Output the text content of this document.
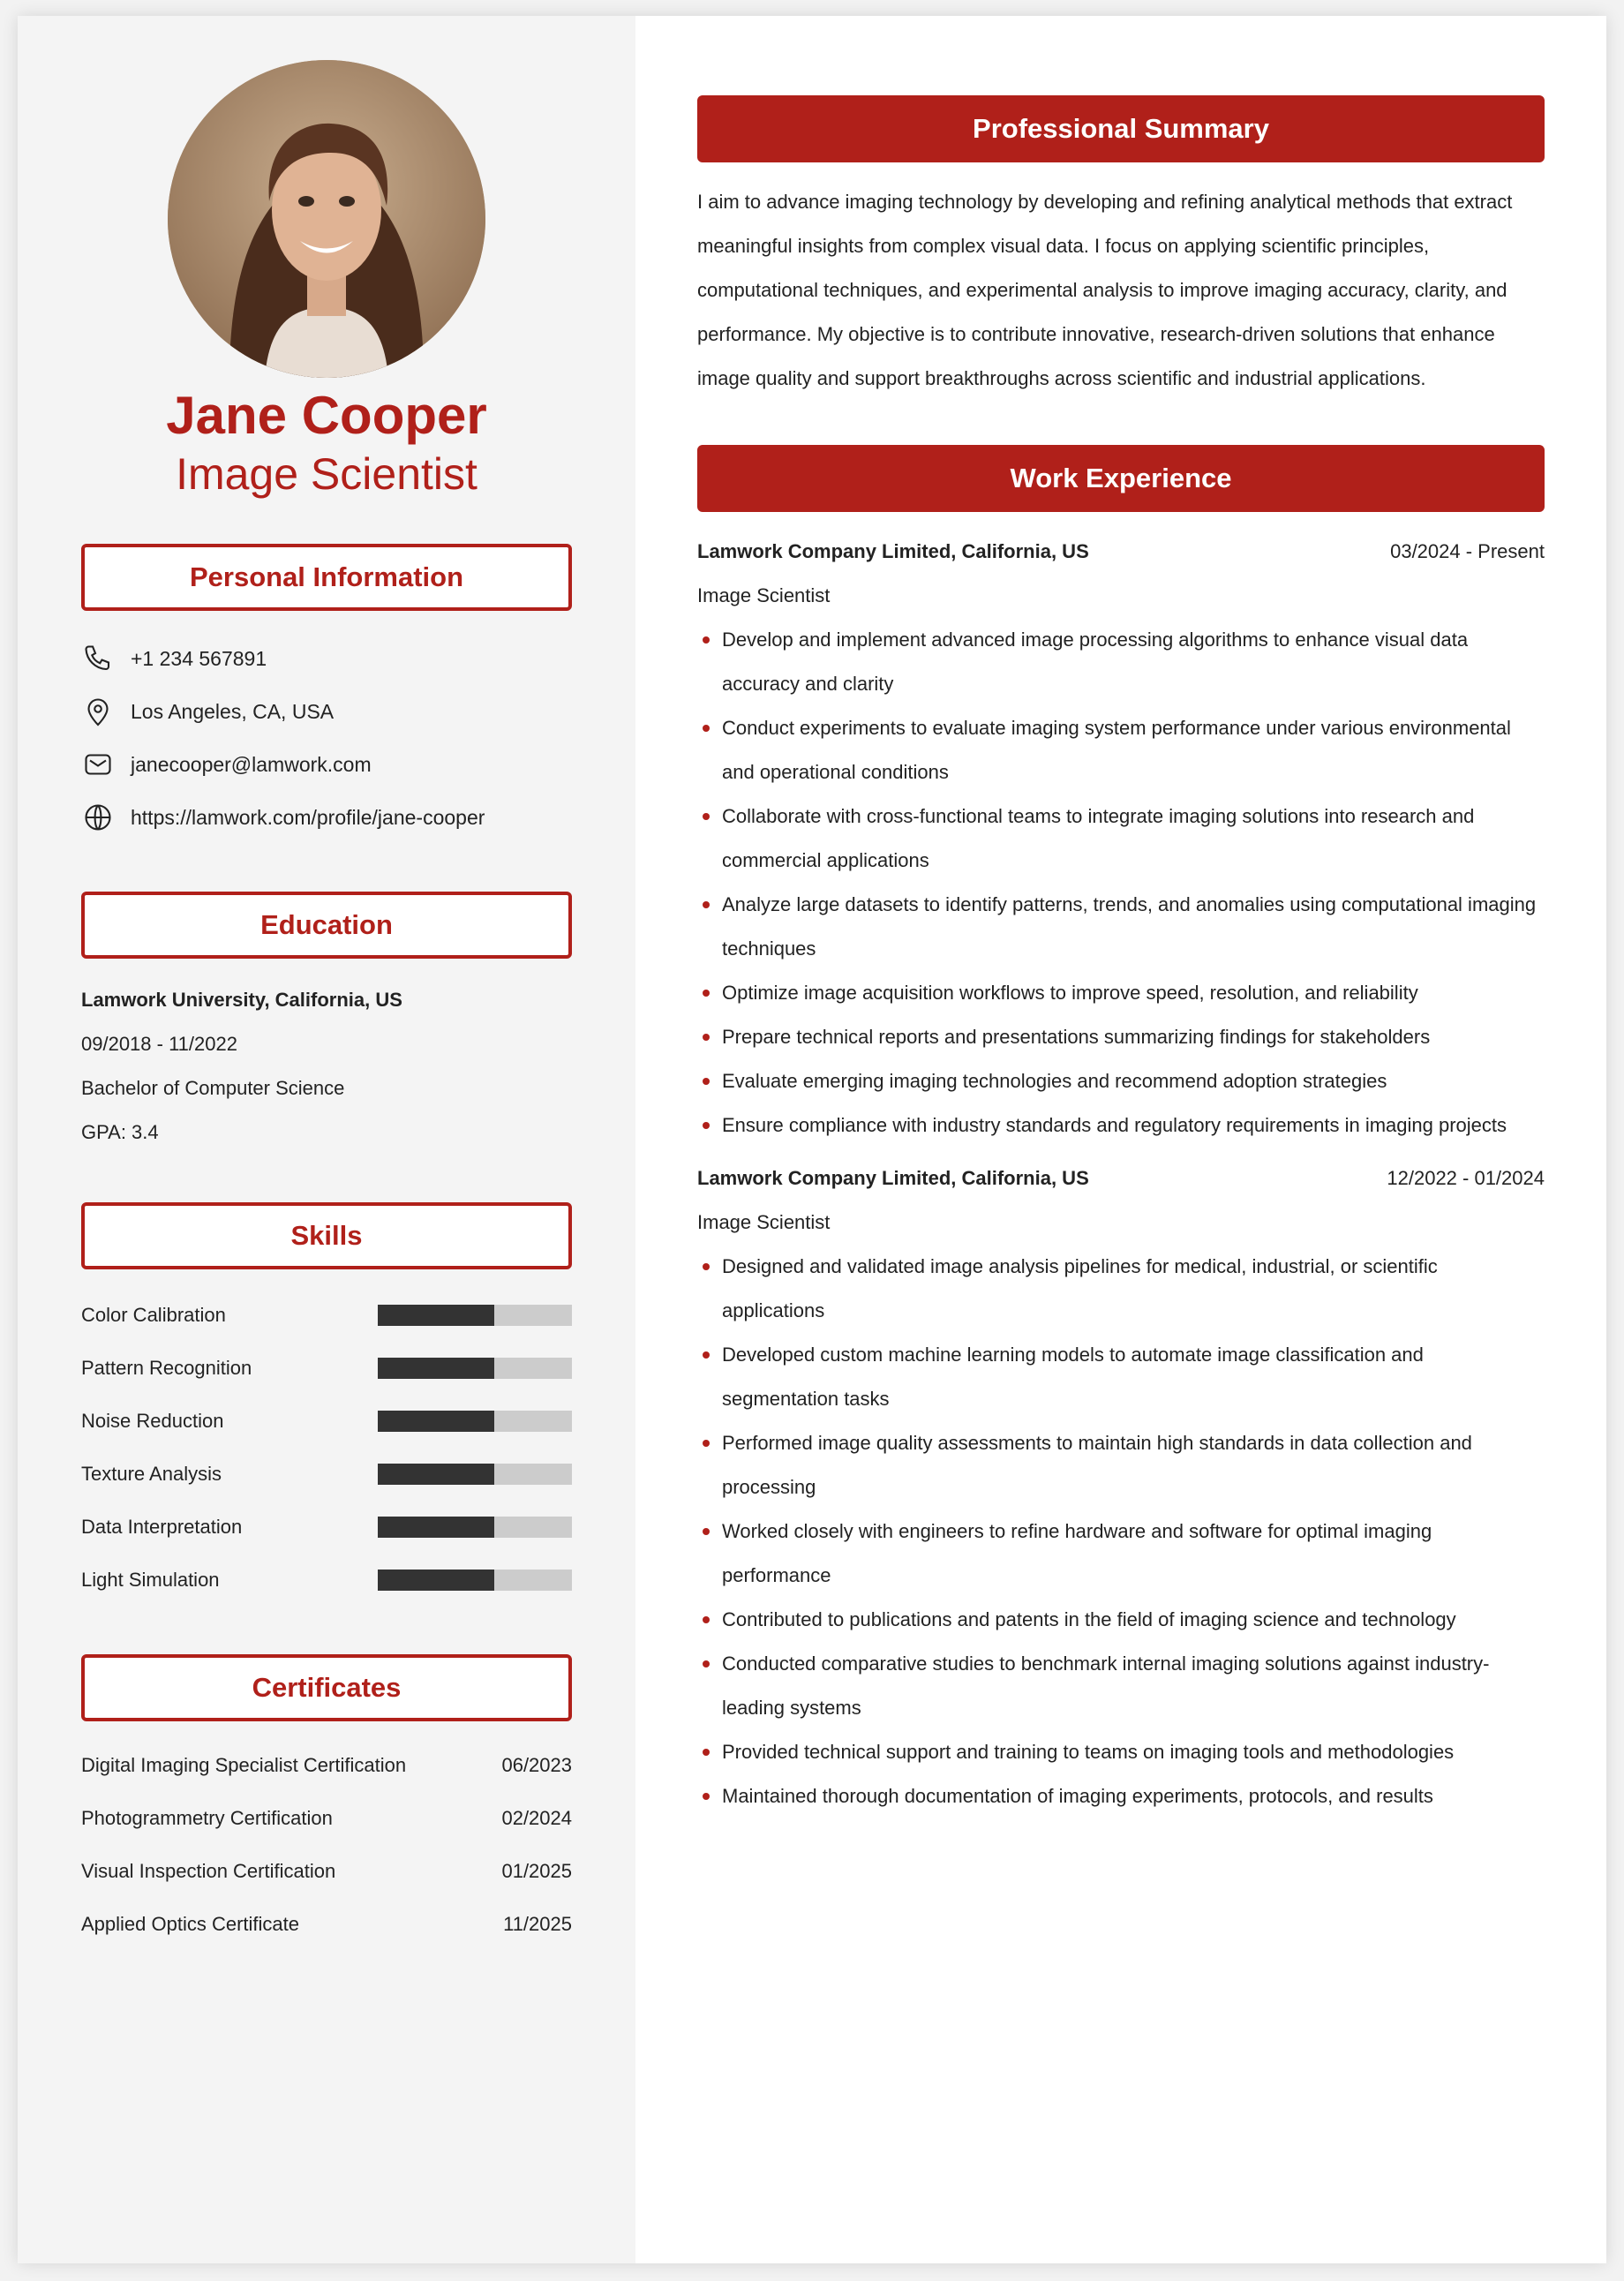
Jane Cooper
Image Scientist
Personal Information
+1 234 567891
Los Angeles, CA, USA
janecooper@lamwork.com
https://lamwork.com/profile/jane-cooper
Education
Lamwork University, California, US
09/2018 - 11/2022
Bachelor of Computer Science
GPA: 3.4
Skills
Color Calibration
Pattern Recognition
Noise Reduction
Texture Analysis
Data Interpretation
Light Simulation
Certificates
Digital Imaging Specialist Certification	06/2023
Photogrammetry Certification	02/2024
Visual Inspection Certification	01/2025
Applied Optics Certificate	11/2025
Professional Summary

I aim to advance imaging technology by developing and refining analytical methods that extract meaningful insights from complex visual data. I focus on applying scientific principles, computational techniques, and experimental analysis to improve imaging accuracy, clarity, and performance. My objective is to contribute innovative, research-driven solutions that enhance image quality and support breakthroughs across scientific and industrial applications.

Work Experience
Lamwork Company Limited, California, US	03/2024 - Present
Image Scientist
Develop and implement advanced image processing algorithms to enhance visual data accuracy and clarity
Conduct experiments to evaluate imaging system performance under various environmental and operational conditions
Collaborate with cross-functional teams to integrate imaging solutions into research and commercial applications
Analyze large datasets to identify patterns, trends, and anomalies using computational imaging techniques
Optimize image acquisition workflows to improve speed, resolution, and reliability
Prepare technical reports and presentations summarizing findings for stakeholders
Evaluate emerging imaging technologies and recommend adoption strategies
Ensure compliance with industry standards and regulatory requirements in imaging projects
Lamwork Company Limited, California, US	12/2022 - 01/2024
Image Scientist
Designed and validated image analysis pipelines for medical, industrial, or scientific applications
Developed custom machine learning models to automate image classification and segmentation tasks
Performed image quality assessments to maintain high standards in data collection and processing
Worked closely with engineers to refine hardware and software for optimal imaging performance
Contributed to publications and patents in the field of imaging science and technology
Conducted comparative studies to benchmark internal imaging solutions against industry-leading systems
Provided technical support and training to teams on imaging tools and methodologies
Maintained thorough documentation of imaging experiments, protocols, and results
